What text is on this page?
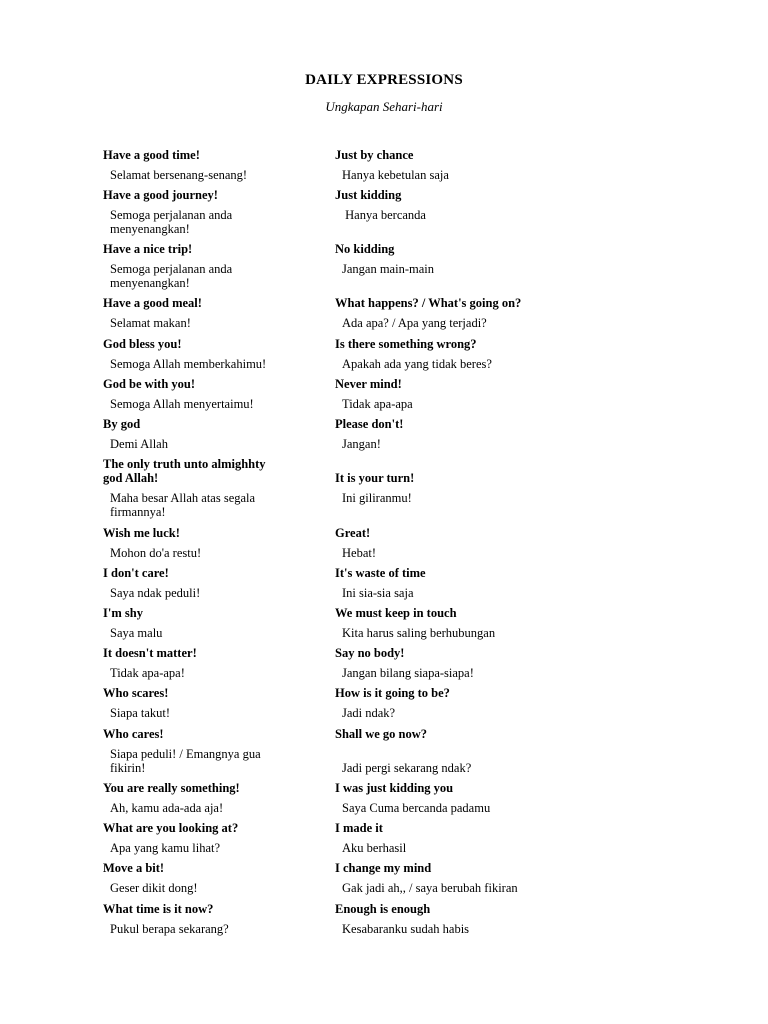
DAILY EXPRESSIONS
Ungkapan Sehari-hari
Have a good time!
Selamat bersenang-senang!
Have a good journey!
Semoga perjalanan anda
menyenangkan!
Have a nice trip!
Semoga perjalanan anda
menyenangkan!
Have a good meal!
Selamat makan!
God bless you!
Semoga Allah memberkahimu!
God be with you!
Semoga Allah menyertaimu!
By god
Demi Allah
The only truth unto almighhty
god Allah!
Maha besar Allah atas segala
firmannya!
Wish me luck!
Mohon do'a restu!
I don't care!
Saya ndak peduli!
I'm shy
Saya malu
It doesn't matter!
Tidak apa-apa!
Who scares!
Siapa takut!
Who cares!
Siapa peduli! / Emangnya gua
fikirin!
You are really something!
Ah, kamu ada-ada aja!
What are you looking at?
Apa yang kamu lihat?
Move a bit!
Geser dikit dong!
What time is it now?
Pukul berapa sekarang?
Just by chance
Hanya kebetulan saja
Just kidding
Hanya bercanda
No kidding
Jangan main-main
What happens? / What's going on?
Ada apa? / Apa yang terjadi?
Is there something wrong?
Apakah ada yang tidak beres?
Never mind!
Tidak apa-apa
Please don't!
Jangan!
It is your turn!
Ini giliranmu!
Great!
Hebat!
It's waste of time
Ini sia-sia saja
We must keep in touch
Kita harus saling berhubungan
Say no body!
Jangan bilang siapa-siapa!
How is it going to be?
Jadi ndak?
Shall we go now?
Jadi pergi sekarang ndak?
I was just kidding you
Saya Cuma bercanda padamu
I made it
Aku berhasil
I change my mind
Gak jadi ah,, / saya berubah fikiran
Enough is enough
Kesabaranku sudah habis
